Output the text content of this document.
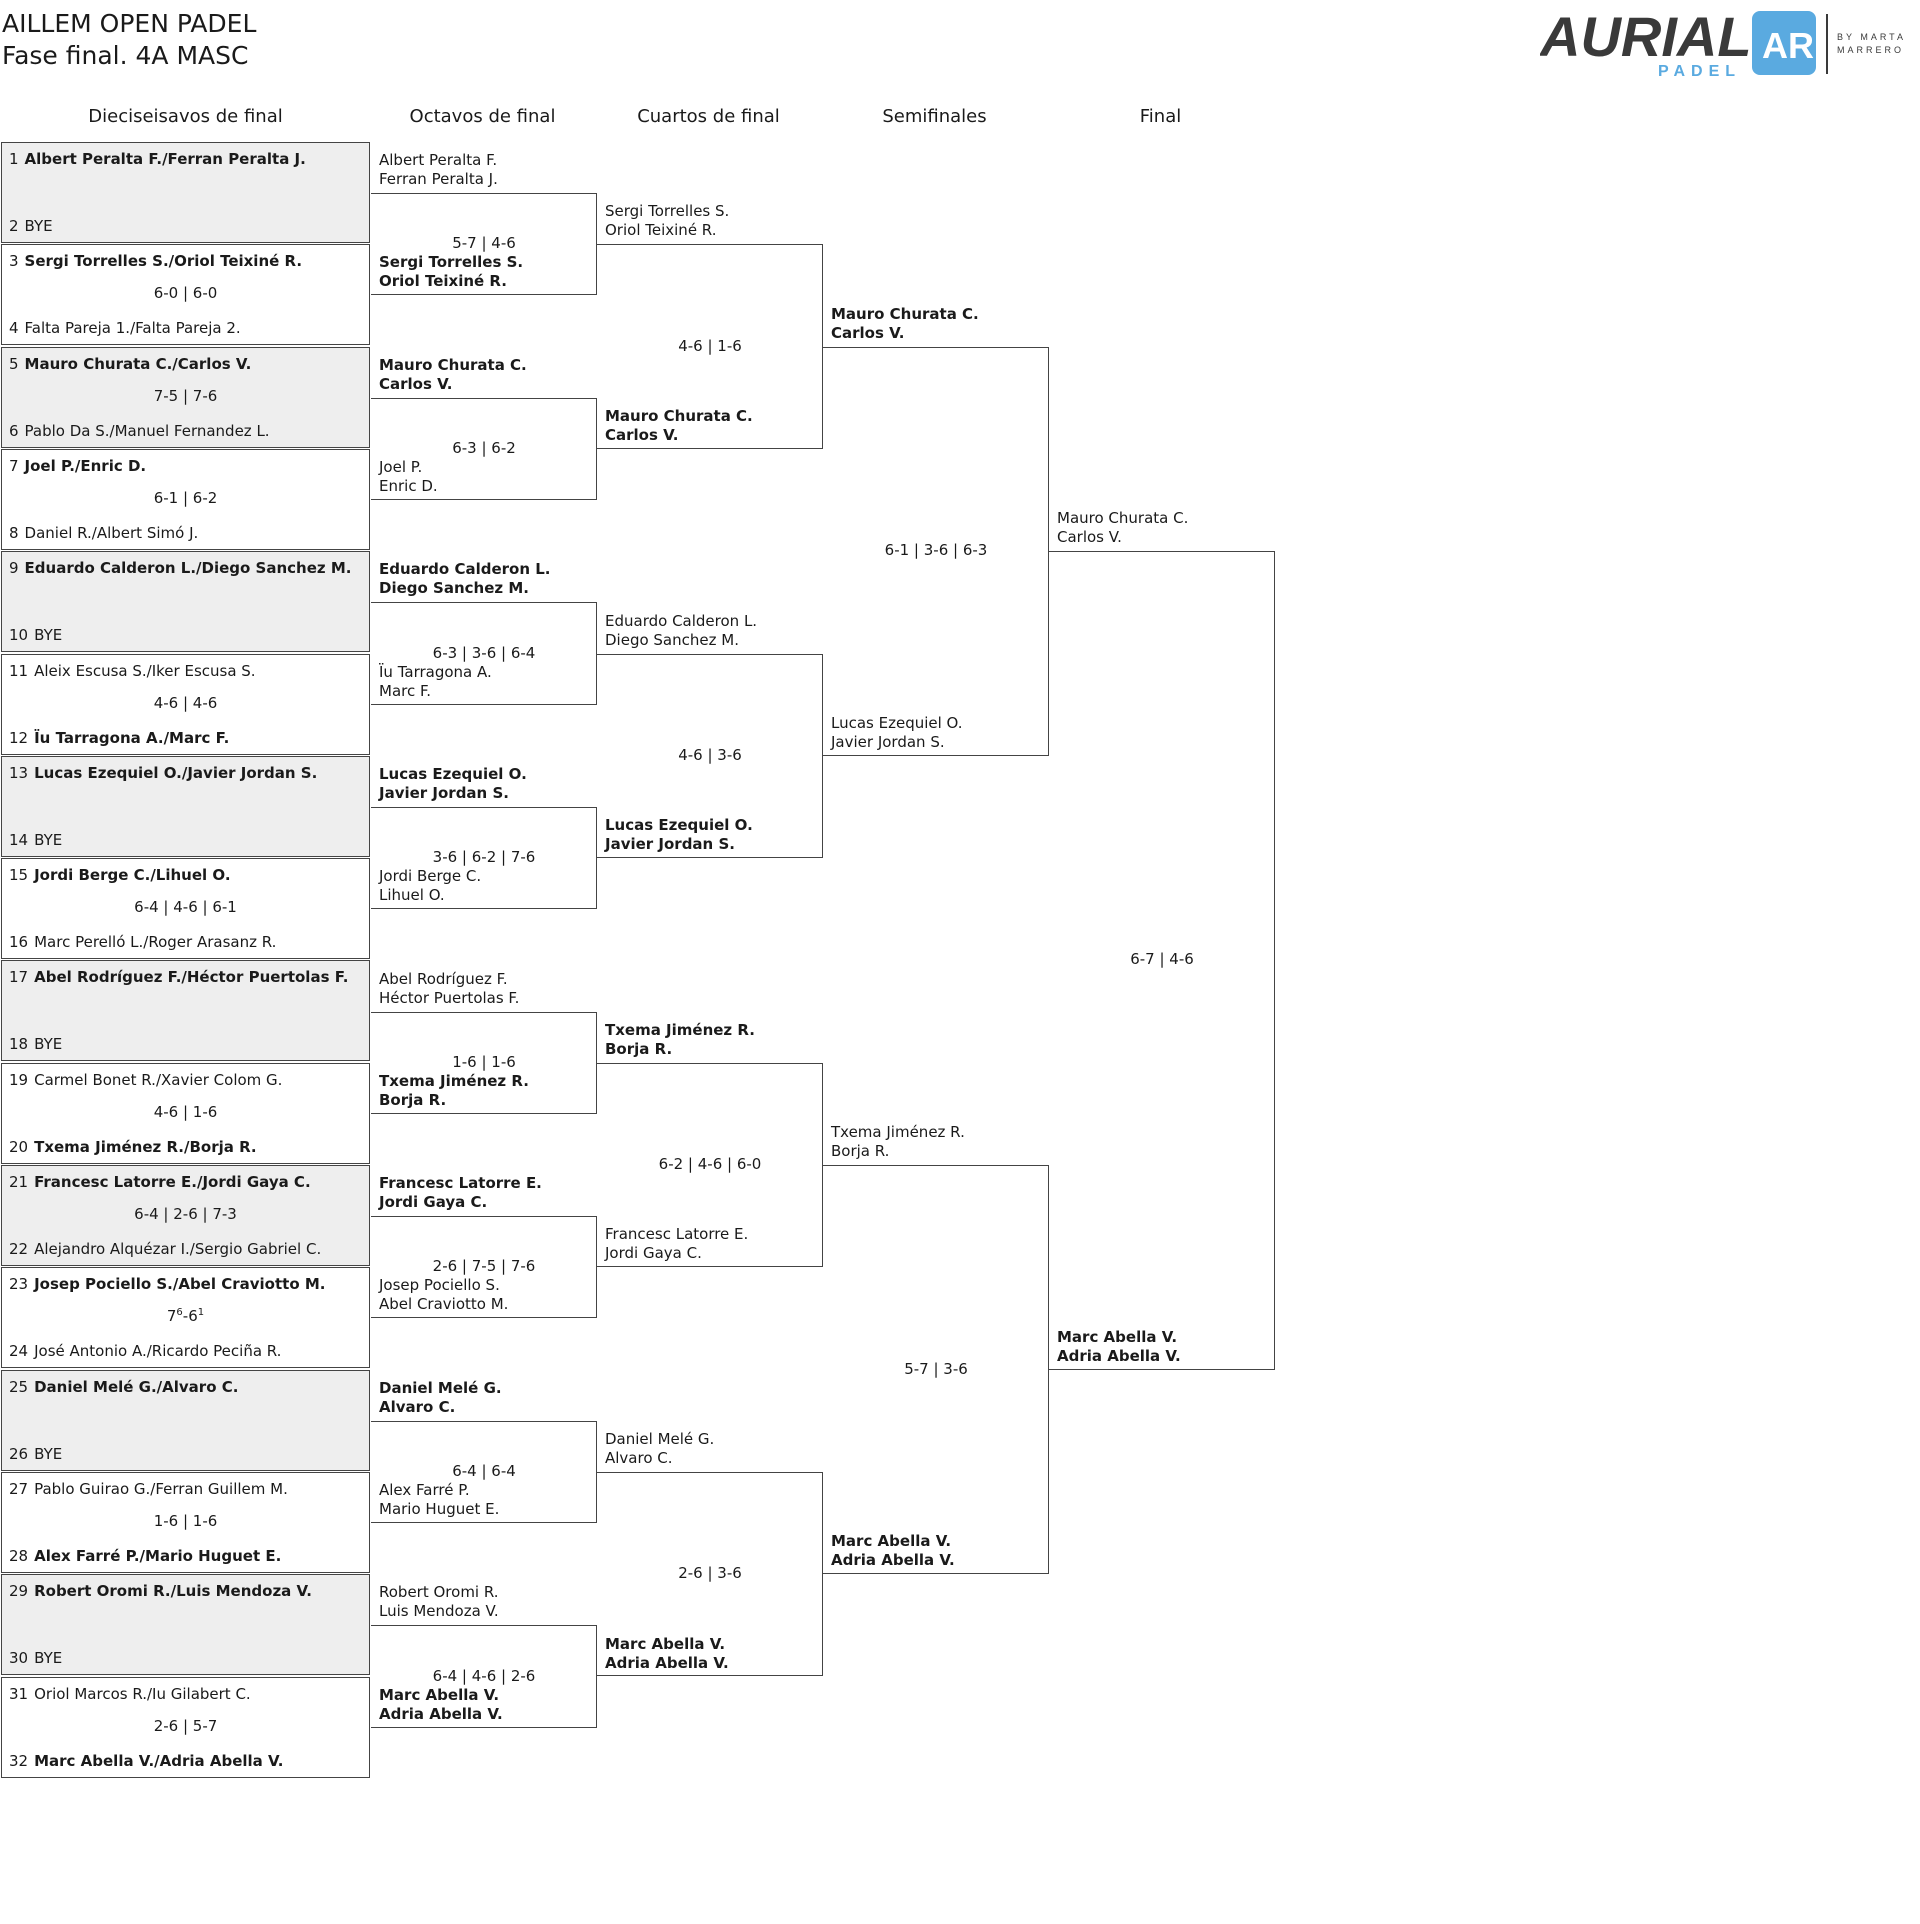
AILLEM OPEN PADEL
Fase final. 4A MASC	AURIAL
PADEL
AR	BY MARTA
MARRERO
Dieciseisavos de final	Octavos de final	Cuartos de final	Semifinales	Final
1 Albert Peralta F./Ferran Peralta J.
2 BYE
3 Sergi Torrelles S./Oriol Teixiné R.
4 Falta Pareja 1./Falta Pareja 2.
6-0 | 6-0
5 Mauro Churata C./Carlos V.
6 Pablo Da S./Manuel Fernandez L.
7-5 | 7-6
7 Joel P./Enric D.
8 Daniel R./Albert Simó J.
6-1 | 6-2
9 Eduardo Calderon L./Diego Sanchez M.
10 BYE
11 Aleix Escusa S./Iker Escusa S.
12 Ïu Tarragona A./Marc F.
4-6 | 4-6
13 Lucas Ezequiel O./Javier Jordan S.
14 BYE
15 Jordi Berge C./Lihuel O.
16 Marc Perelló L./Roger Arasanz R.
6-4 | 4-6 | 6-1
17 Abel Rodríguez F./Héctor Puertolas F.
18 BYE
19 Carmel Bonet R./Xavier Colom G.
20 Txema Jiménez R./Borja R.
4-6 | 1-6
21 Francesc Latorre E./Jordi Gaya C.
22 Alejandro Alquézar I./Sergio Gabriel C.
6-4 | 2-6 | 7-3
23 Josep Pociello S./Abel Craviotto M.
24 José Antonio A./Ricardo Peciña R.
$7^6-6^1$
25 Daniel Melé G./Alvaro C.
26 BYE
27 Pablo Guirao G./Ferran Guillem M.
28 Alex Farré P./Mario Huguet E.
1-6 | 1-6
29 Robert Oromi R./Luis Mendoza V.
30 BYE
31 Oriol Marcos R./Iu Gilabert C.
32 Marc Abella V./Adria Abella V.
2-6 | 5-7
Albert Peralta F.
Ferran Peralta J.
Sergi Torrelles S.
Oriol Teixiné R.
5-7 | 4-6
Mauro Churata C.
Carlos V.
Joel P.
Enric D.
6-3 | 6-2
Eduardo Calderon L.
Diego Sanchez M.
Ïu Tarragona A.
Marc F.
6-3 | 3-6 | 6-4
Lucas Ezequiel O.
Javier Jordan S.
Jordi Berge C.
Lihuel O.
3-6 | 6-2 | 7-6
Abel Rodríguez F.
Héctor Puertolas F.
Txema Jiménez R.
Borja R.
1-6 | 1-6
Francesc Latorre E.
Jordi Gaya C.
Josep Pociello S.
Abel Craviotto M.
2-6 | 7-5 | 7-6
Daniel Melé G.
Alvaro C.
Alex Farré P.
Mario Huguet E.
6-4 | 6-4
Robert Oromi R.
Luis Mendoza V.
Marc Abella V.
Adria Abella V.
6-4 | 4-6 | 2-6
Sergi Torrelles S.
Oriol Teixiné R.
Mauro Churata C.
Carlos V.
4-6 | 1-6
Eduardo Calderon L.
Diego Sanchez M.
Lucas Ezequiel O.
Javier Jordan S.
4-6 | 3-6
Txema Jiménez R.
Borja R.
Francesc Latorre E.
Jordi Gaya C.
6-2 | 4-6 | 6-0
Daniel Melé G.
Alvaro C.
Marc Abella V.
Adria Abella V.
2-6 | 3-6
Mauro Churata C.
Carlos V.
Lucas Ezequiel O.
Javier Jordan S.
6-1 | 3-6 | 6-3
Txema Jiménez R.
Borja R.
Marc Abella V.
Adria Abella V.
5-7 | 3-6
Mauro Churata C.
Carlos V.
Marc Abella V.
Adria Abella V.
6-7 | 4-6
